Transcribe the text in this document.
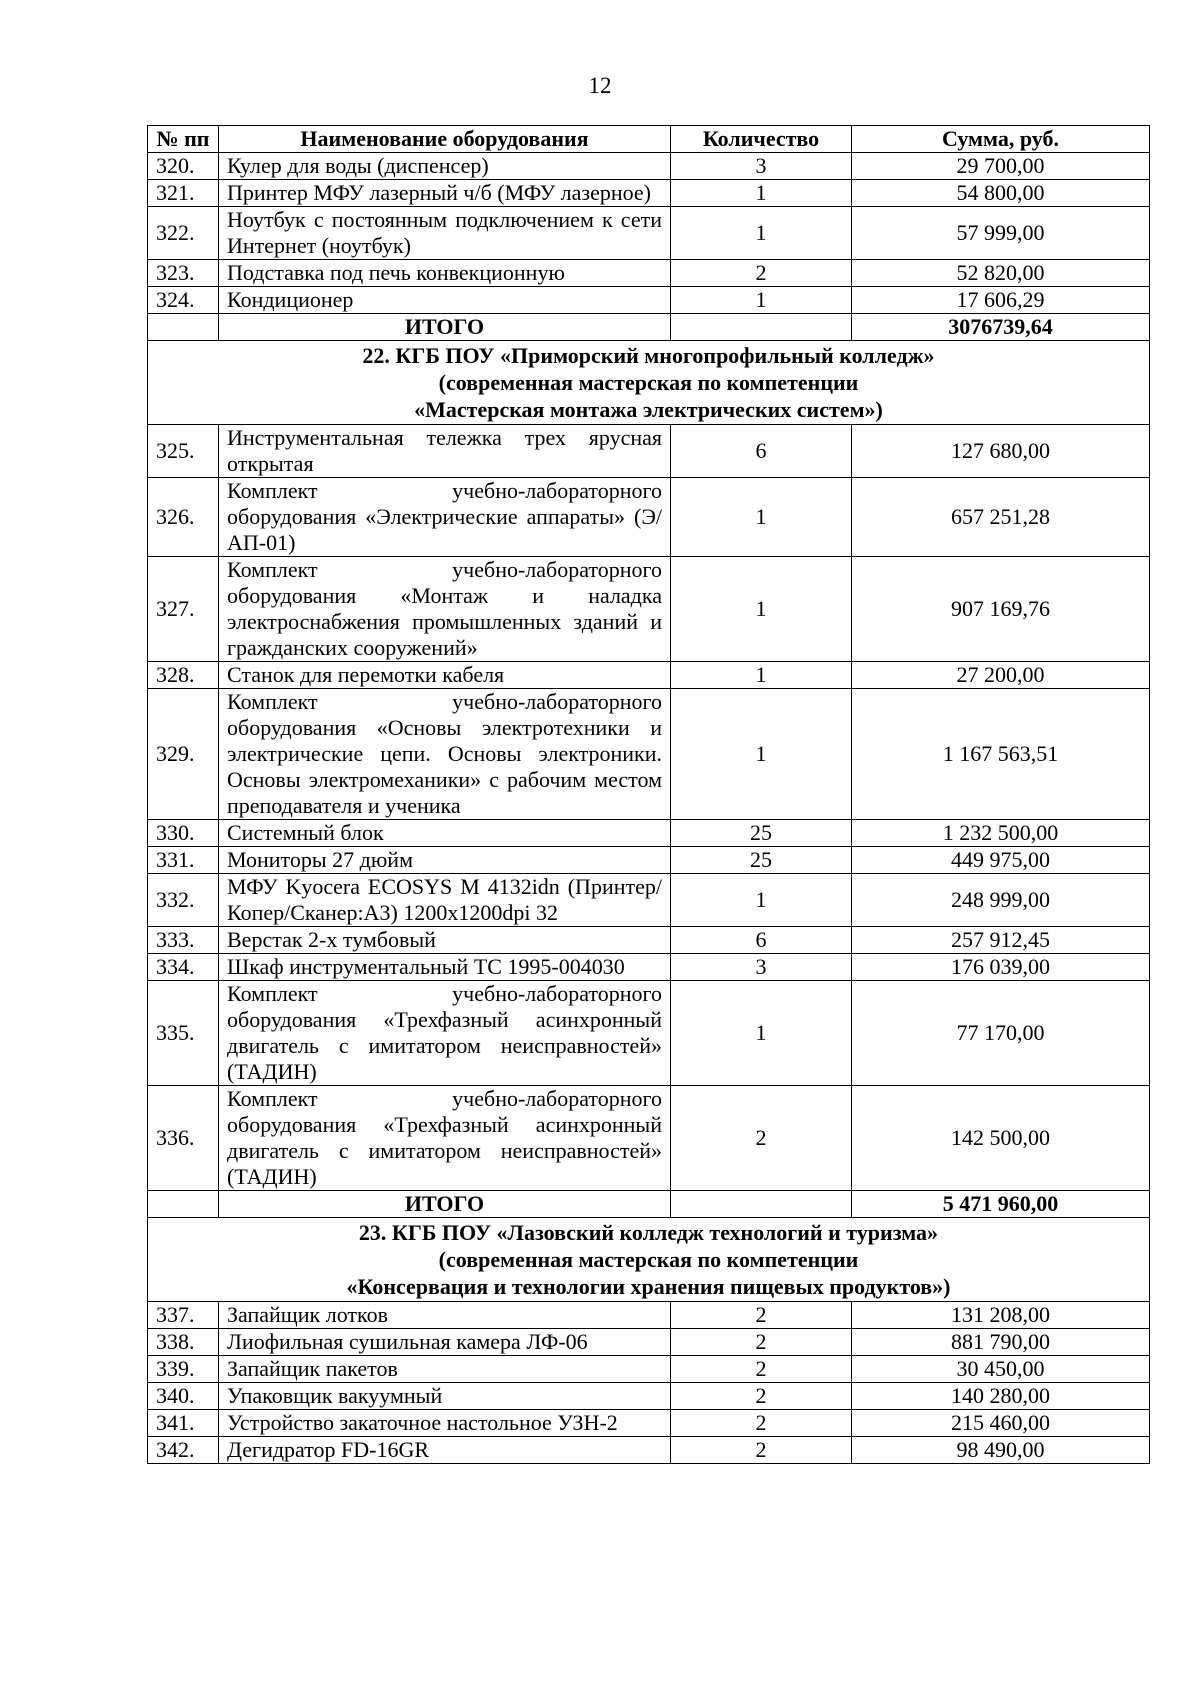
12
№ пп	Наименование оборудования	Количество	Сумма, руб.
320.	Кулер для воды (диспенсер)	3	29 700,00
321.	Принтер МФУ лазерный ч/б (МФУ лазерное)	1	54 800,00
322.	Ноутбук с постоянным подключением к сети Интернет (ноутбук)	1	57 999,00
323.	Подставка под печь конвекционную	2	52 820,00
324.	Кондиционер	1	17 606,29
	ИТОГО		3076739,64

22. КГБ ПОУ «Приморский многопрофильный колледж»
(современная мастерская по компетенции
«Мастерская монтажа электрических систем»)			

325.	Инструментальная тележка трех ярусная открытая	6	127 680,00
326.	Комплект учебно-лабораторного оборудования «Электрические аппараты» (Э/АП-01)	1	657 251,28
327.	Комплект учебно-лабораторного оборудования «Монтаж и наладка электроснабжения промышленных зданий и гражданских сооружений»	1	907 169,76
328.	Станок для перемотки кабеля	1	27 200,00
329.	Комплект учебно-лабораторного оборудования «Основы электротехники и электрические цепи. Основы электроники. Основы электромеханики» с рабочим местом преподавателя и ученика	1	1 167 563,51
330.	Системный блок	25	1 232 500,00
331.	Мониторы 27 дюйм	25	449 975,00
332.	МФУ Kyocera ECOSYS M 4132idn (Принтер/Копер/Сканер:А3) 1200x1200dpi 32	1	248 999,00
333.	Верстак 2-х тумбовый	6	257 912,45
334.	Шкаф инструментальный ТС 1995-004030	3	176 039,00
335.	Комплект учебно-лабораторного оборудования «Трехфазный асинхронный двигатель с имитатором неисправностей» (ТАДИН)	1	77 170,00
336.	Комплект учебно-лабораторного оборудования «Трехфазный асинхронный двигатель с имитатором неисправностей» (ТАДИН)	2	142 500,00
	ИТОГО		5 471 960,00

23. КГБ ПОУ «Лазовский колледж технологий и туризма»
(современная мастерская по компетенции
«Консервация и технологии хранения пищевых продуктов»)			

337.	Запайщик лотков	2	131 208,00
338.	Лиофильная сушильная камера ЛФ-06	2	881 790,00
339.	Запайщик пакетов	2	30 450,00
340.	Упаковщик вакуумный	2	140 280,00
341.	Устройство закаточное настольное УЗН-2	2	215 460,00
342.	Дегидратор FD-16GR	2	98 490,00
